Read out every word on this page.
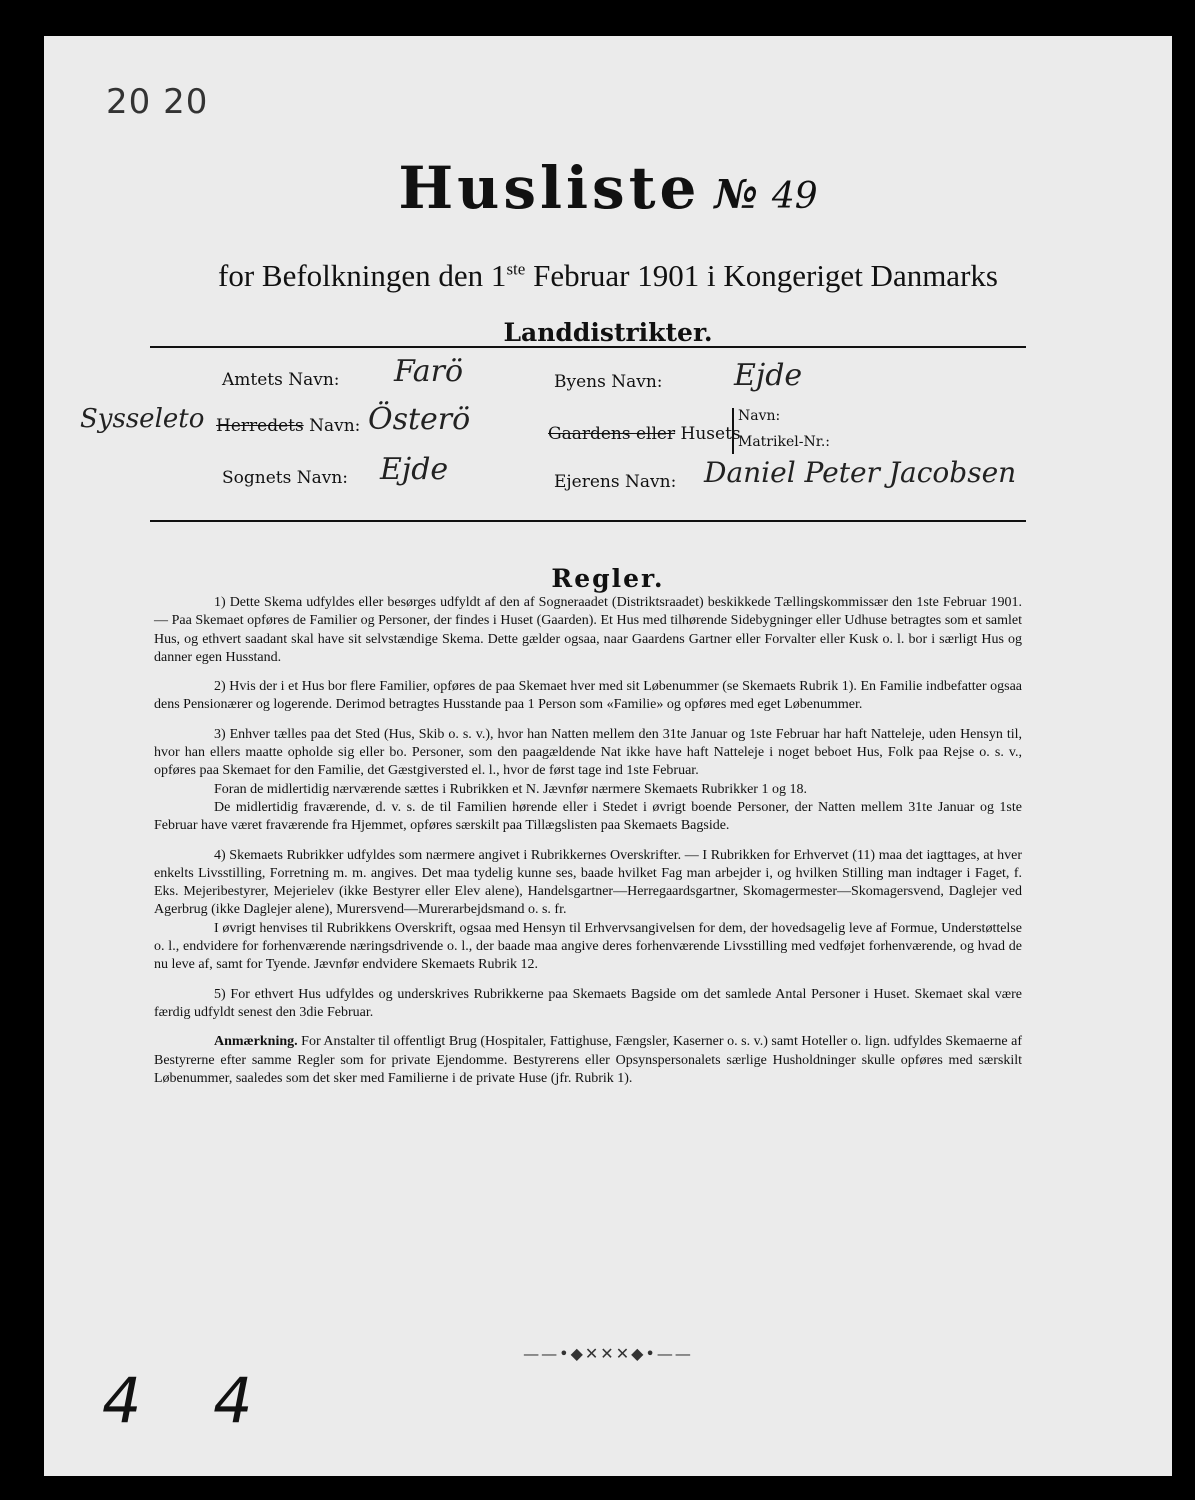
20 20
Husliste № 49
for Befolkningen den 1ste Februar 1901 i Kongeriget Danmarks
Landdistrikter.
Amtets Navn: Farö	Byens Navn: Ejde
Sysseleto Herredets Navn: Österö	Gaardens eller Husets
Navn:
Matrikel-Nr.:
Sognets Navn: Ejde	Ejerens Navn: Daniel Peter Jacobsen
Regler.

1) Dette Skema udfyldes eller besørges udfyldt af den af Sogneraadet (Distriktsraadet) beskikkede Tællingskommissær den 1ste Februar 1901. — Paa Skemaet opføres de Familier og Personer, der findes i Huset (Gaarden). Et Hus med tilhørende Sidebygninger eller Udhuse betragtes som et samlet Hus, og ethvert saadant skal have sit selvstændige Skema. Dette gælder ogsaa, naar Gaardens Gartner eller Forvalter eller Kusk o. l. bor i særligt Hus og danner egen Husstand.

2) Hvis der i et Hus bor flere Familier, opføres de paa Skemaet hver med sit Løbenummer (se Skemaets Rubrik 1). En Familie indbefatter ogsaa dens Pensionærer og logerende. Derimod betragtes Husstande paa 1 Person som «Familie» og opføres med eget Løbenummer.

3) Enhver tælles paa det Sted (Hus, Skib o. s. v.), hvor han Natten mellem den 31te Januar og 1ste Februar har haft Natteleje, uden Hensyn til, hvor han ellers maatte opholde sig eller bo. Personer, som den paagældende Nat ikke have haft Natteleje i noget beboet Hus, Folk paa Rejse o. s. v., opføres paa Skemaet for den Familie, det Gæstgiversted el. l., hvor de først tage ind 1ste Februar.

Foran de midlertidig nærværende sættes i Rubrikken et N. Jævnfør nærmere Skemaets Rubrikker 1 og 18.

De midlertidig fraværende, d. v. s. de til Familien hørende eller i Stedet i øvrigt boende Personer, der Natten mellem 31te Januar og 1ste Februar have været fraværende fra Hjemmet, opføres særskilt paa Tillægslisten paa Skemaets Bagside.

4) Skemaets Rubrikker udfyldes som nærmere angivet i Rubrikkernes Overskrifter. — I Rubrikken for Erhvervet (11) maa det iagttages, at hver enkelts Livsstilling, Forretning m. m. angives. Det maa tydelig kunne ses, baade hvilket Fag man arbejder i, og hvilken Stilling man indtager i Faget, f. Eks. Mejeribestyrer, Mejerielev (ikke Bestyrer eller Elev alene), Handelsgartner—Herregaardsgartner, Skomagermester—Skomagersvend, Daglejer ved Agerbrug (ikke Daglejer alene), Murersvend—Murerarbejdsmand o. s. fr.

I øvrigt henvises til Rubrikkens Overskrift, ogsaa med Hensyn til Erhvervsangivelsen for dem, der hovedsagelig leve af Formue, Understøttelse o. l., endvidere for forhenværende næringsdrivende o. l., der baade maa angive deres forhenværende Livsstilling med vedføjet forhenværende, og hvad de nu leve af, samt for Tyende. Jævnfør endvidere Skemaets Rubrik 12.

5) For ethvert Hus udfyldes og underskrives Rubrikkerne paa Skemaets Bagside om det samlede Antal Personer i Huset. Skemaet skal være færdig udfyldt senest den 3die Februar.

Anmærkning. For Anstalter til offentligt Brug (Hospitaler, Fattighuse, Fængsler, Kaserner o. s. v.) samt Hoteller o. lign. udfyldes Skemaerne af Bestyrerne efter samme Regler som for private Ejendomme. Bestyrerens eller Opsynspersonalets særlige Husholdninger skulle opføres med særskilt Løbenummer, saaledes som det sker med Familierne i de private Huse (jfr. Rubrik 1).

——•◆✕✕✕◆•——
4 4
